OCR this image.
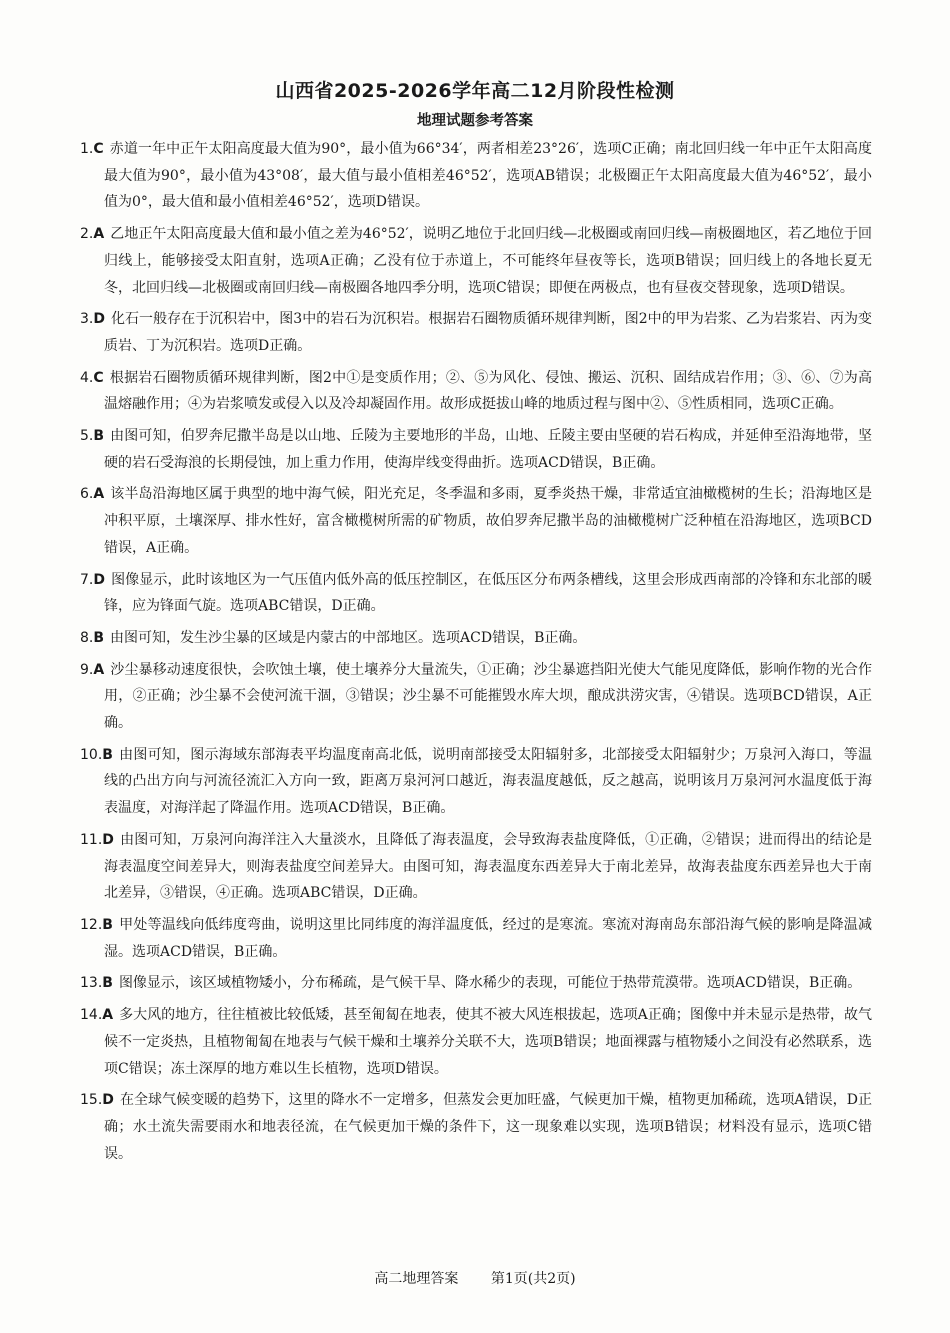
山西省2025-2026学年高二12月阶段性检测
地理试题参考答案

1.C 赤道一年中正午太阳高度最大值为90°，最小值为66°34′，两者相差23°26′，选项C正确；南北回归线一年中正午太阳高度最大值为90°，最小值为43°08′，最大值与最小值相差46°52′，选项AB错误；北极圈正午太阳高度最大值为46°52′，最小值为0°，最大值和最小值相差46°52′，选项D错误。

2.A 乙地正午太阳高度最大值和最小值之差为46°52′，说明乙地位于北回归线—北极圈或南回归线—南极圈地区，若乙地位于回归线上，能够接受太阳直射，选项A正确；乙没有位于赤道上，不可能终年昼夜等长，选项B错误；回归线上的各地长夏无冬，北回归线—北极圈或南回归线—南极圈各地四季分明，选项C错误；即便在两极点，也有昼夜交替现象，选项D错误。

3.D 化石一般存在于沉积岩中，图3中的岩石为沉积岩。根据岩石圈物质循环规律判断，图2中的甲为岩浆、乙为岩浆岩、丙为变质岩、丁为沉积岩。选项D正确。

4.C 根据岩石圈物质循环规律判断，图2中①是变质作用；②、⑤为风化、侵蚀、搬运、沉积、固结成岩作用；③、⑥、⑦为高温熔融作用；④为岩浆喷发或侵入以及冷却凝固作用。故形成挺拔山峰的地质过程与图中②、⑤性质相同，选项C正确。

5.B 由图可知，伯罗奔尼撒半岛是以山地、丘陵为主要地形的半岛，山地、丘陵主要由坚硬的岩石构成，并延伸至沿海地带，坚硬的岩石受海浪的长期侵蚀，加上重力作用，使海岸线变得曲折。选项ACD错误，B正确。

6.A 该半岛沿海地区属于典型的地中海气候，阳光充足，冬季温和多雨，夏季炎热干燥，非常适宜油橄榄树的生长；沿海地区是冲积平原，土壤深厚、排水性好，富含橄榄树所需的矿物质，故伯罗奔尼撒半岛的油橄榄树广泛种植在沿海地区，选项BCD错误，A正确。

7.D 图像显示，此时该地区为一气压值内低外高的低压控制区，在低压区分布两条槽线，这里会形成西南部的冷锋和东北部的暖锋，应为锋面气旋。选项ABC错误，D正确。

8.B 由图可知，发生沙尘暴的区域是内蒙古的中部地区。选项ACD错误，B正确。

9.A 沙尘暴移动速度很快，会吹蚀土壤，使土壤养分大量流失，①正确；沙尘暴遮挡阳光使大气能见度降低，影响作物的光合作用，②正确；沙尘暴不会使河流干涸，③错误；沙尘暴不可能摧毁水库大坝，酿成洪涝灾害，④错误。选项BCD错误，A正确。

10.B 由图可知，图示海域东部海表平均温度南高北低，说明南部接受太阳辐射多，北部接受太阳辐射少；万泉河入海口，等温线的凸出方向与河流径流汇入方向一致，距离万泉河河口越近，海表温度越低，反之越高，说明该月万泉河河水温度低于海表温度，对海洋起了降温作用。选项ACD错误，B正确。

11.D 由图可知，万泉河向海洋注入大量淡水，且降低了海表温度，会导致海表盐度降低，①正确，②错误；进而得出的结论是海表温度空间差异大，则海表盐度空间差异大。由图可知，海表温度东西差异大于南北差异，故海表盐度东西差异也大于南北差异，③错误，④正确。选项ABC错误，D正确。

12.B 甲处等温线向低纬度弯曲，说明这里比同纬度的海洋温度低，经过的是寒流。寒流对海南岛东部沿海气候的影响是降温减湿。选项ACD错误，B正确。

13.B 图像显示，该区域植物矮小，分布稀疏，是气候干旱、降水稀少的表现，可能位于热带荒漠带。选项ACD错误，B正确。

14.A 多大风的地方，往往植被比较低矮，甚至匍匐在地表，使其不被大风连根拔起，选项A正确；图像中并未显示是热带，故气候不一定炎热，且植物匍匐在地表与气候干燥和土壤养分关联不大，选项B错误；地面裸露与植物矮小之间没有必然联系，选项C错误；冻土深厚的地方难以生长植物，选项D错误。

15.D 在全球气候变暖的趋势下，这里的降水不一定增多，但蒸发会更加旺盛，气候更加干燥，植物更加稀疏，选项A错误，D正确；水土流失需要雨水和地表径流，在气候更加干燥的条件下，这一现象难以实现，选项B错误；材料没有显示，选项C错误。

高二地理答案 第1页(共2页)
